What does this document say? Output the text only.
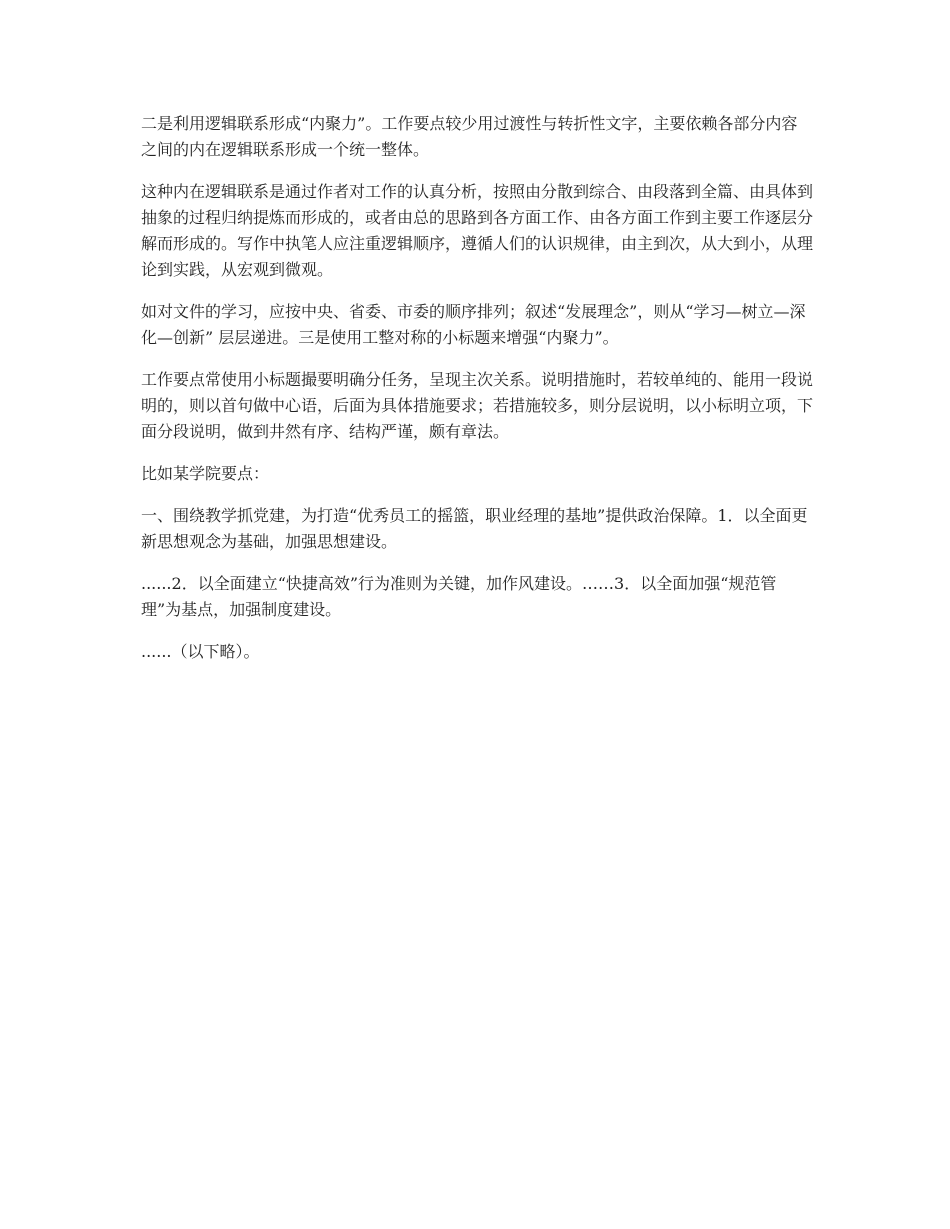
二是利用逻辑联系形成“内聚力”。工作要点较少用过渡性与转折性文字，主要依赖各部分内容之间的内在逻辑联系形成一个统一整体。

这种内在逻辑联系是通过作者对工作的认真分析，按照由分散到综合、由段落到全篇、由具体到抽象的过程归纳提炼而形成的，或者由总的思路到各方面工作、由各方面工作到主要工作逐层分解而形成的。写作中执笔人应注重逻辑顺序，遵循人们的认识规律，由主到次，从大到小，从理论到实践，从宏观到微观。

如对文件的学习，应按中央、省委、市委的顺序排列；叙述“发展理念”，则从“学习—树立—深化—创新” 层层递进。三是使用工整对称的小标题来增强“内聚力”。

工作要点常使用小标题撮要明确分任务，呈现主次关系。说明措施时，若较单纯的、能用一段说明的，则以首句做中心语，后面为具体措施要求；若措施较多，则分层说明，以小标明立项，下面分段说明，做到井然有序、结构严谨，颇有章法。

比如某学院要点：

一、围绕教学抓党建，为打造“优秀员工的摇篮，职业经理的基地”提供政治保障。1．以全面更新思想观念为基础，加强思想建设。

......2．以全面建立“快捷高效”行为准则为关键，加作风建设。……3．以全面加强“规范管理”为基点，加强制度建设。

......（以下略）。
